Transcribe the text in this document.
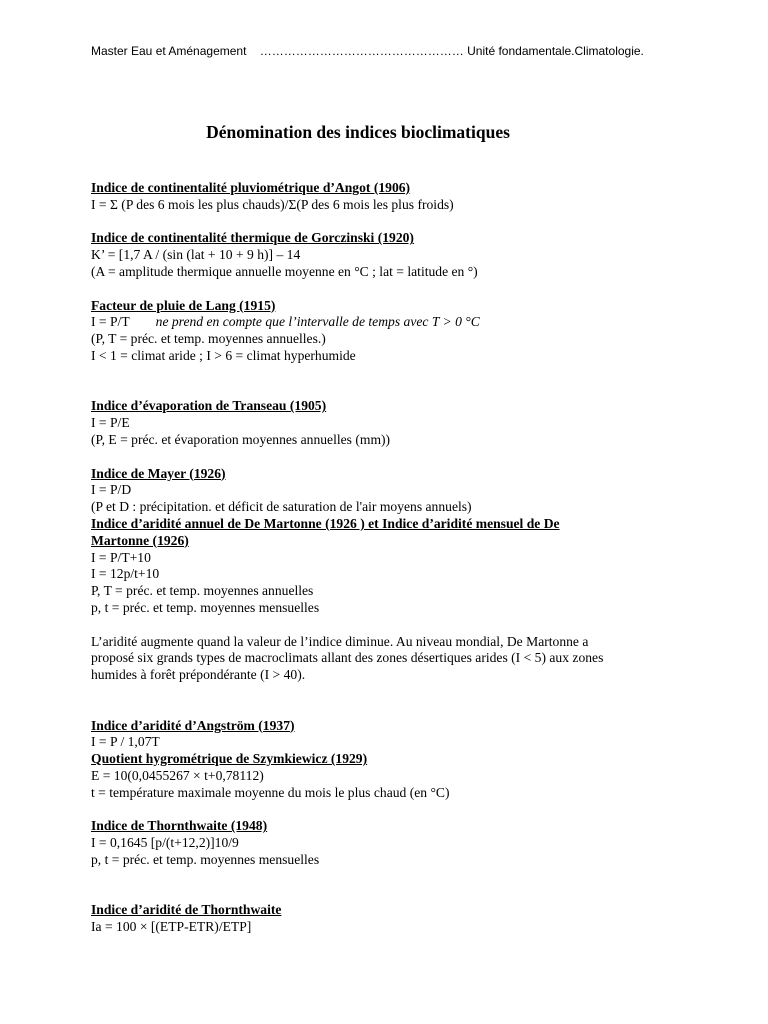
Master Eau et Aménagement …………………………………………… Unité fondamentale.Climatologie.
Dénomination des indices bioclimatiques
Indice de continentalité pluviométrique d’Angot (1906)
I = Σ (P des 6 mois les plus chauds)/Σ(P des 6 mois les plus froids)
Indice de continentalité thermique de Gorczinski (1920)
K’ = [1,7 A / (sin (lat + 10 + 9 h)] – 14
(A = amplitude thermique annuelle moyenne en °C ; lat = latitude en °)
Facteur de pluie de Lang (1915)
I = P/T ne prend en compte que l’intervalle de temps avec T > 0 °C
(P, T = préc. et temp. moyennes annuelles.)
I < 1 = climat aride ; I > 6 = climat hyperhumide
Indice d’évaporation de Transeau (1905)
I = P/E
(P, E = préc. et évaporation moyennes annuelles (mm))
Indice de Mayer (1926)
I = P/D
(P et D : précipitation. et déficit de saturation de l'air moyens annuels)
Indice d’aridité annuel de De Martonne (1926 ) et Indice d’aridité mensuel de De
Martonne (1926)
I = P/T+10
I = 12p/t+10
P, T = préc. et temp. moyennes annuelles
p, t = préc. et temp. moyennes mensuelles
L’aridité augmente quand la valeur de l’indice diminue. Au niveau mondial, De Martonne a
proposé six grands types de macroclimats allant des zones désertiques arides (I < 5) aux zones
humides à forêt prépondérante (I > 40).
Indice d’aridité d’Angström (1937)
I = P / 1,07T
Quotient hygrométrique de Szymkiewicz (1929)
E = 10(0,0455267 × t+0,78112)
t = température maximale moyenne du mois le plus chaud (en °C)
Indice de Thornthwaite (1948)
I = 0,1645 [p/(t+12,2)]10/9
p, t = préc. et temp. moyennes mensuelles
Indice d’aridité de Thornthwaite
Ia = 100 × [(ETP-ETR)/ETP]
